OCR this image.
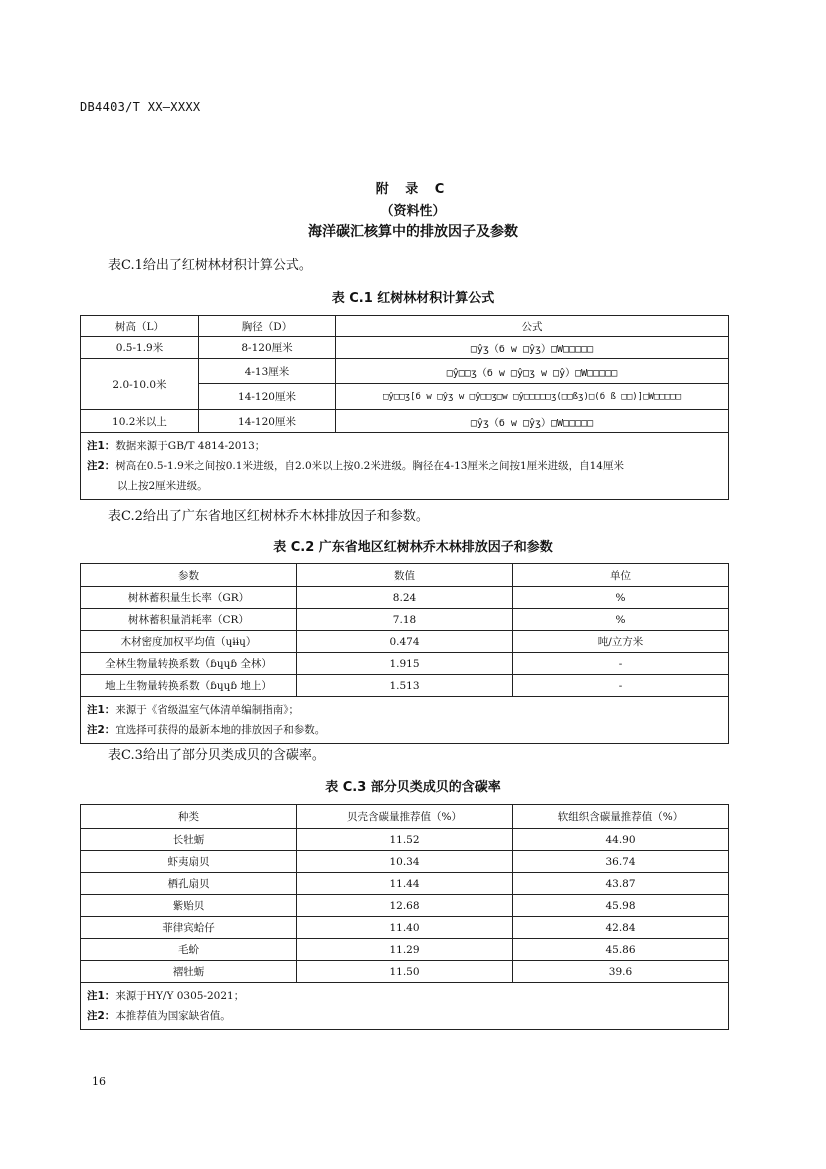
DB4403/T XX—XXXX
附 录 C
（资料性）
海洋碳汇核算中的排放因子及参数
表C.1给出了红树林材积计算公式。
表 C.1 红树林材积计算公式
树高（L）	胸径（D）	公式
0.5-1.9米	8-120厘米	□ŷӡ（б w □ŷӡ）□W□□□□□
2.0-10.0米	4-13厘米	□ŷ□□ӡ（б w □ŷ□ӡ w □ŷ）□W□□□□□
	14-120厘米	□ŷ□□ӡ[б w □ŷӡ w □ŷ□□ӡ□w □ŷ□□□□□ӡ(□□ßӡ)□(б ß □□)]□W□□□□□
10.2米以上	14-120厘米	□ŷӡ（б w □ŷӡ）□W□□□□□

注1：数据来源于GB/T 4814-2013；
注2：树高在0.5-1.9米之间按0.1米进级，自2.0米以上按0.2米进级。胸径在4-13厘米之间按1厘米进级，自14厘米
以上按2厘米进级。		
表C.2给出了广东省地区红树林乔木林排放因子和参数。
表 C.2 广东省地区红树林乔木林排放因子和参数
参数	数值	单位
树林蓄积量生长率（GR）	8.24	%
树林蓄积量消耗率（CR）	7.18	%
木材密度加权平均值（ɥɨɨɥ）	0.474	吨/立方米
全林生物量转换系数（ɓɥɥɓ 全林）	1.915	-
地上生物量转换系数（ɓɥɥɓ 地上）	1.513	-

注1：来源于《省级温室气体清单编制指南》；
注2：宜选择可获得的最新本地的排放因子和参数。		
表C.3给出了部分贝类成贝的含碳率。
表 C.3 部分贝类成贝的含碳率
种类	贝壳含碳量推荐值（%）	软组织含碳量推荐值（%）
长牡蛎	11.52	44.90
虾夷扇贝	10.34	36.74
栖孔扇贝	11.44	43.87
紫贻贝	12.68	45.98
菲律宾蛤仔	11.40	42.84
毛蚧	11.29	45.86
褶牡蛎	11.50	39.6

注1：来源于HY/Y 0305-2021；
注2：本推荐值为国家缺省值。		
16
